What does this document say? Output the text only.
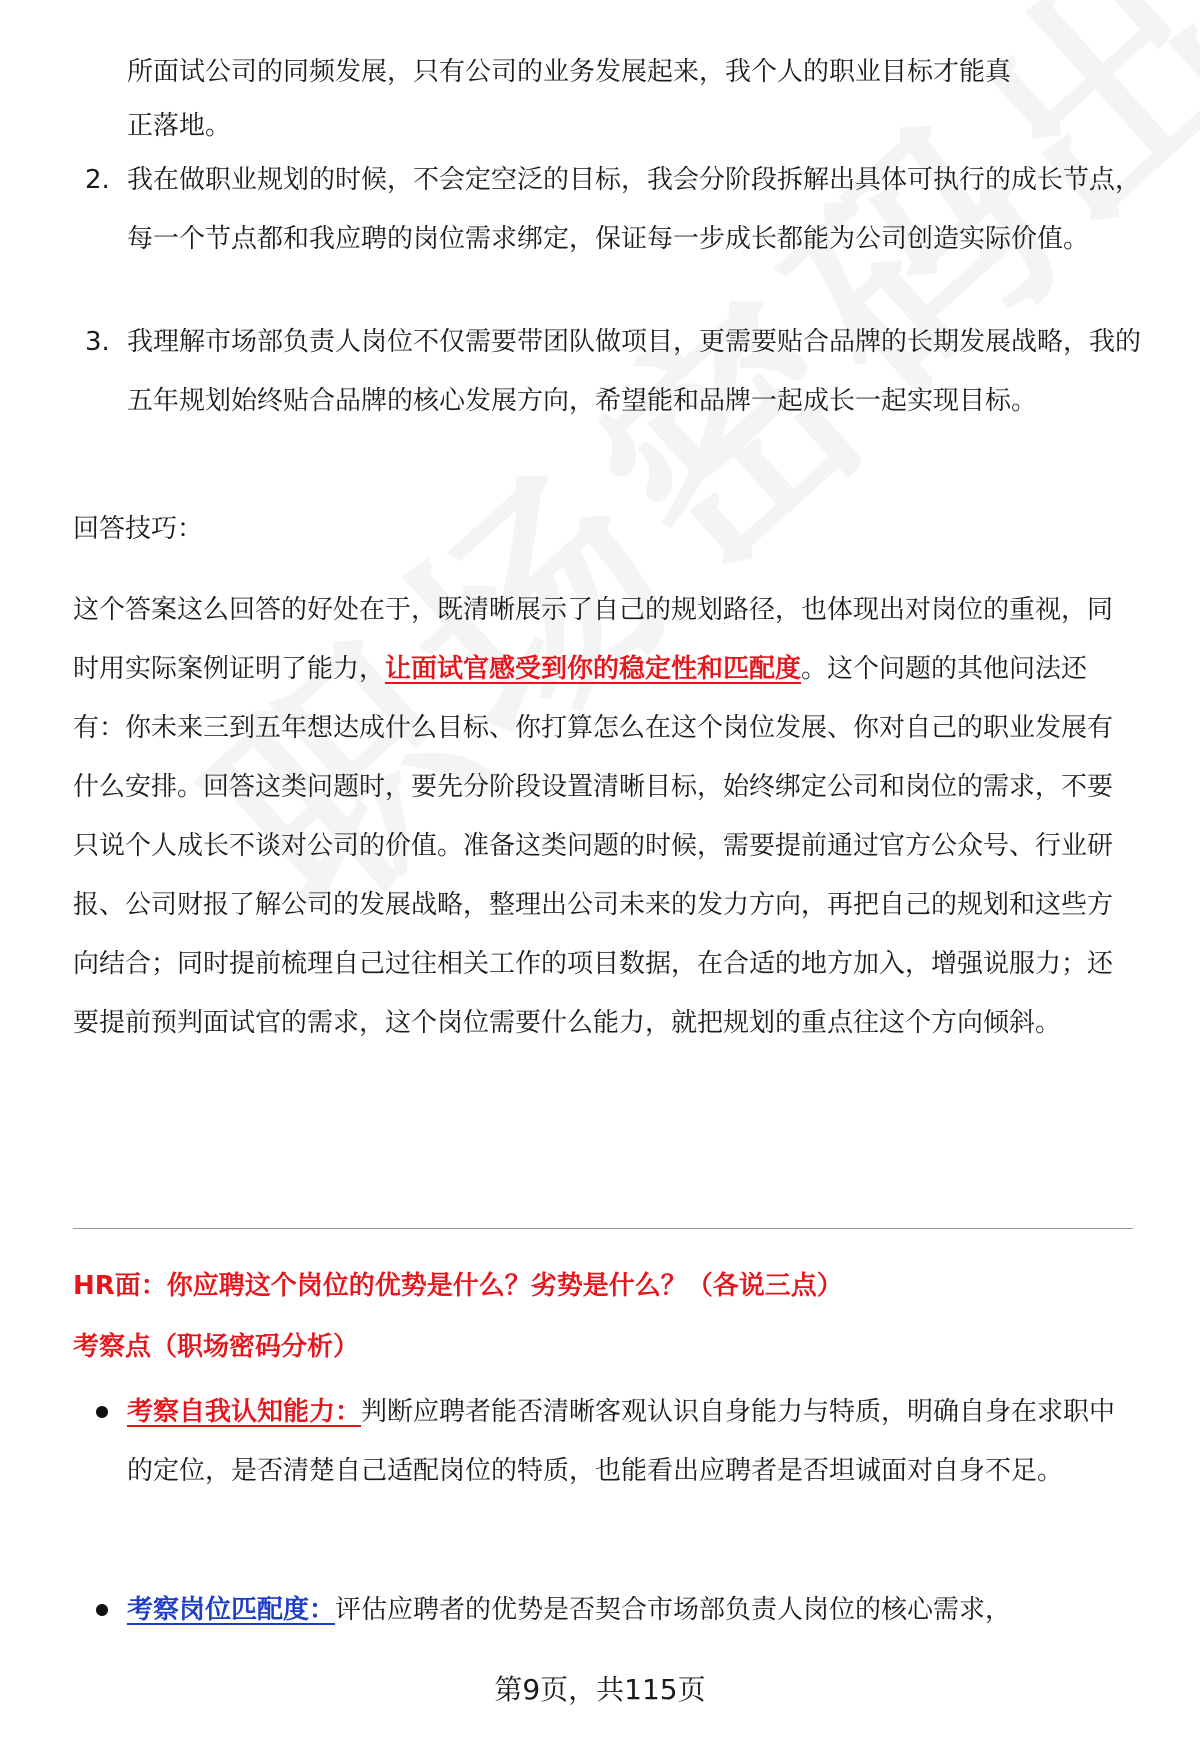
所面试公司的同频发展，只有公司的业务发展起来，我个人的职业目标才能真

正落地。

2. 我在做职业规划的时候，不会定空泛的目标，我会分阶段拆解出具体可执行的成长节点，每一个节点都和我应聘的岗位需求绑定，保证每一步成长都能为公司创造实际价值。

3. 我理解市场部负责人岗位不仅需要带团队做项目，更需要贴合品牌的长期发展战略，我的五年规划始终贴合品牌的核心发展方向，希望能和品牌一起成长一起实现目标。

回答技巧：

这个答案这么回答的好处在于，既清晰展示了自己的规划路径，也体现出对岗位的重视，同时用实际案例证明了能力，让面试官感受到你的稳定性和匹配度。这个问题的其他问法还有：你未来三到五年想达成什么目标、你打算怎么在这个岗位发展、你对自己的职业发展有什么安排。回答这类问题时，要先分阶段设置清晰目标，始终绑定公司和岗位的需求，不要只说个人成长不谈对公司的价值。准备这类问题的时候，需要提前通过官方公众号、行业研报、公司财报了解公司的发展战略，整理出公司未来的发力方向，再把自己的规划和这些方向结合；同时提前梳理自己过往相关工作的项目数据，在合适的地方加入，增强说服力；还要提前预判面试官的需求，这个岗位需要什么能力，就把规划的重点往这个方向倾斜。

HR面：你应聘这个岗位的优势是什么？劣势是什么？（各说三点）
考察点（职场密码分析）

考察自我认知能力：判断应聘者能否清晰客观认识自身能力与特质，明确自身在求职中的定位，是否清楚自己适配岗位的特质，也能看出应聘者是否坦诚面对自身不足。

考察岗位匹配度：评估应聘者的优势是否契合市场部负责人岗位的核心需求，

第9页，共115页
